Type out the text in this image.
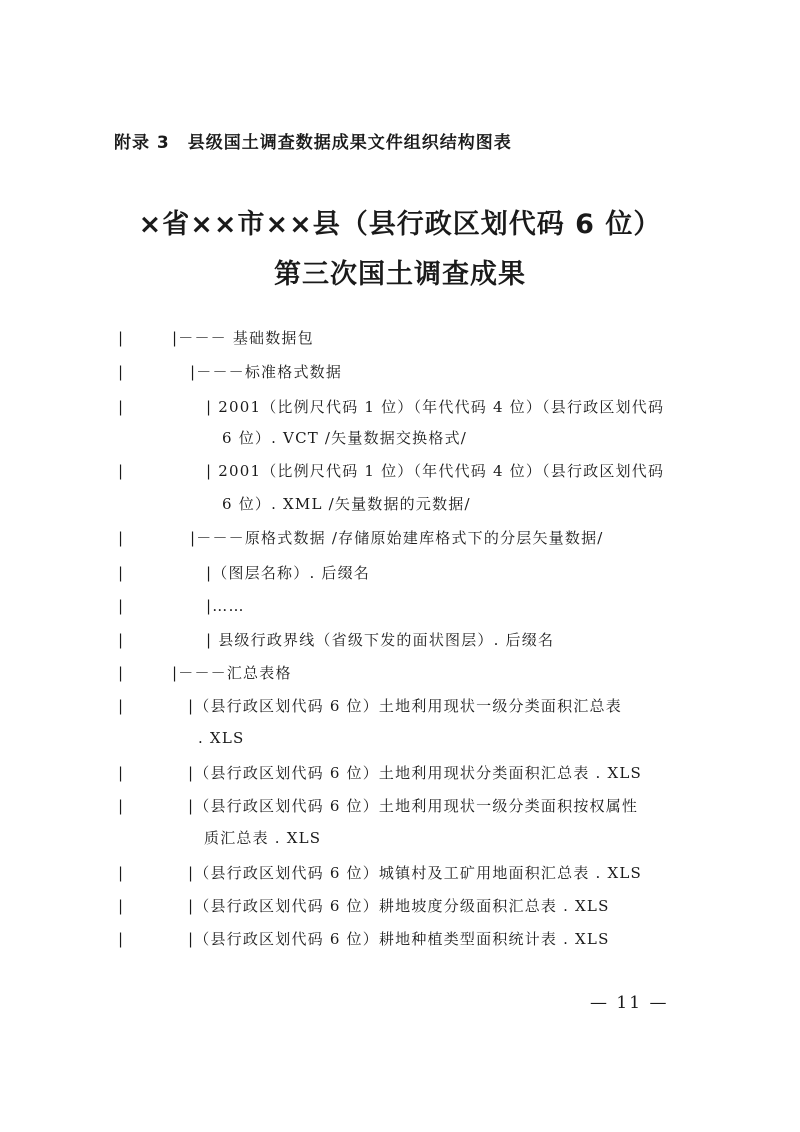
附录 3 县级国土调查数据成果文件组织结构图表
×省××市××县（县行政区划代码 6 位）
第三次国土调查成果
|
|
|
|
|
|
|
|
|
|
|
|
|
|
|
|－－－ 基础数据包
|－－－标准格式数据
| 2001（比例尺代码 1 位）（年代代码 4 位）（县行政区划代码
6 位）. VCT /矢量数据交换格式/
| 2001（比例尺代码 1 位）（年代代码 4 位）（县行政区划代码
6 位）. XML /矢量数据的元数据/
|－－－原格式数据 /存储原始建库格式下的分层矢量数据/
|（图层名称）. 后缀名
|……
| 县级行政界线（省级下发的面状图层）. 后缀名
|－－－汇总表格
|（县行政区划代码 6 位）土地利用现状一级分类面积汇总表
. XLS
|（县行政区划代码 6 位）土地利用现状分类面积汇总表 . XLS
|（县行政区划代码 6 位）土地利用现状一级分类面积按权属性
质汇总表 . XLS
|（县行政区划代码 6 位）城镇村及工矿用地面积汇总表 . XLS
|（县行政区划代码 6 位）耕地坡度分级面积汇总表 . XLS
|（县行政区划代码 6 位）耕地种植类型面积统计表 . XLS
— 11 —
